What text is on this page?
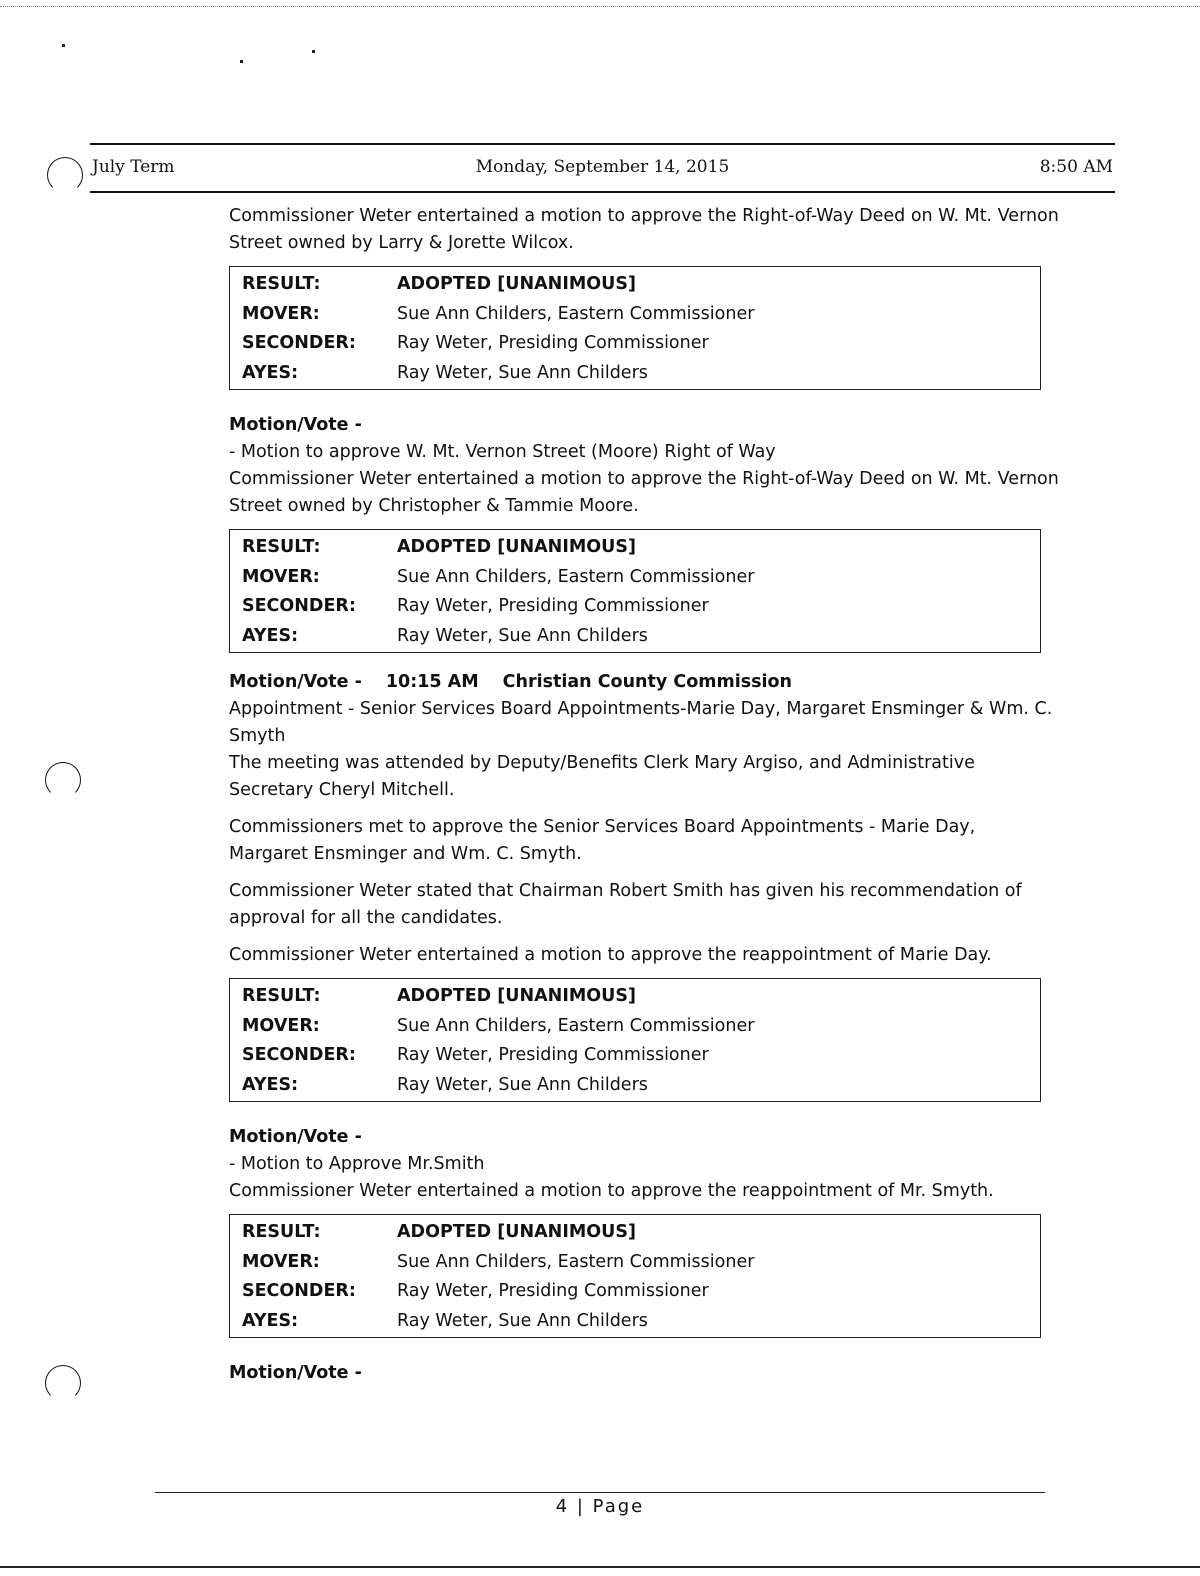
July Term	Monday, September 14, 2015	8:50 AM

Commissioner Weter entertained a motion to approve the Right-of-Way Deed on W. Mt. Vernon Street owned by Larry & Jorette Wilcox.

RESULT:	ADOPTED [UNANIMOUS]
MOVER:	Sue Ann Childers, Eastern Commissioner
SECONDER:	Ray Weter, Presiding Commissioner
AYES:	Ray Weter, Sue Ann Childers

Motion/Vote -

- Motion to approve W. Mt. Vernon Street (Moore) Right of Way

Commissioner Weter entertained a motion to approve the Right-of-Way Deed on W. Mt. Vernon Street owned by Christopher & Tammie Moore.

RESULT:	ADOPTED [UNANIMOUS]
MOVER:	Sue Ann Childers, Eastern Commissioner
SECONDER:	Ray Weter, Presiding Commissioner
AYES:	Ray Weter, Sue Ann Childers

Motion/Vote - 10:15 AM Christian County Commission

Appointment - Senior Services Board Appointments-Marie Day, Margaret Ensminger & Wm. C. Smyth

The meeting was attended by Deputy/Benefits Clerk Mary Argiso, and Administrative Secretary Cheryl Mitchell.

Commissioners met to approve the Senior Services Board Appointments - Marie Day, Margaret Ensminger and Wm. C. Smyth.

Commissioner Weter stated that Chairman Robert Smith has given his recommendation of approval for all the candidates.

Commissioner Weter entertained a motion to approve the reappointment of Marie Day.

RESULT:	ADOPTED [UNANIMOUS]
MOVER:	Sue Ann Childers, Eastern Commissioner
SECONDER:	Ray Weter, Presiding Commissioner
AYES:	Ray Weter, Sue Ann Childers

Motion/Vote -

- Motion to Approve Mr.Smith

Commissioner Weter entertained a motion to approve the reappointment of Mr. Smyth.

RESULT:	ADOPTED [UNANIMOUS]
MOVER:	Sue Ann Childers, Eastern Commissioner
SECONDER:	Ray Weter, Presiding Commissioner
AYES:	Ray Weter, Sue Ann Childers

Motion/Vote -

4 | Page
